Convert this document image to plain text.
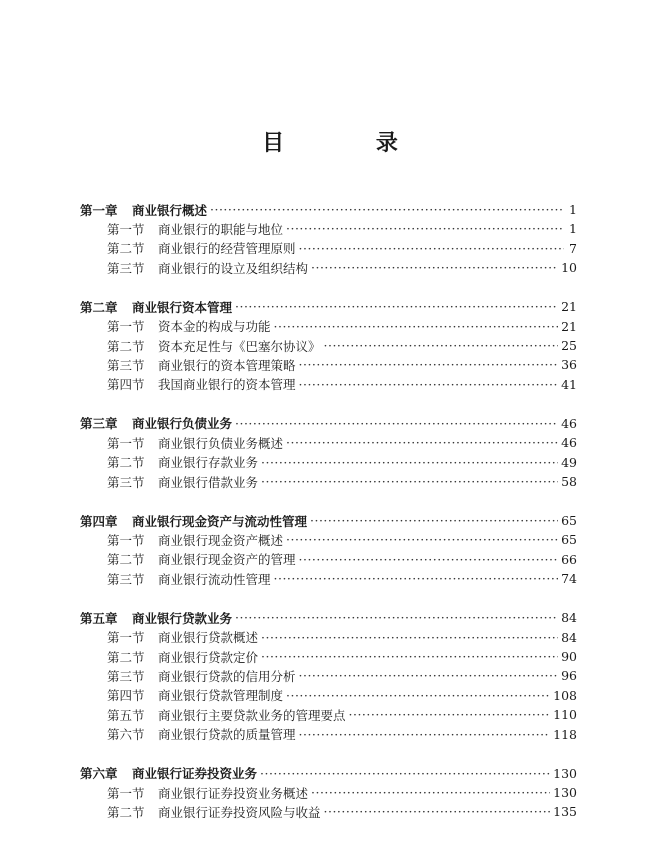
目 录
第一章	商业银行概述 ·····	1
第一节	商业银行的职能与地位 ·····	1
第二节	商业银行的经营管理原则 ·····	7
第三节	商业银行的设立及组织结构 ·····	10
第二章	商业银行资本管理 ·····	21
第一节	资本金的构成与功能 ·····	21
第二节	资本充足性与《巴塞尔协议》 ·····	25
第三节	商业银行的资本管理策略 ·····	36
第四节	我国商业银行的资本管理 ·····	41
第三章	商业银行负债业务 ·····	46
第一节	商业银行负债业务概述 ·····	46
第二节	商业银行存款业务 ·····	49
第三节	商业银行借款业务 ·····	58
第四章	商业银行现金资产与流动性管理 ·····	65
第一节	商业银行现金资产概述 ·····	65
第二节	商业银行现金资产的管理 ·····	66
第三节	商业银行流动性管理 ·····	74
第五章	商业银行贷款业务 ·····	84
第一节	商业银行贷款概述 ·····	84
第二节	商业银行贷款定价 ·····	90
第三节	商业银行贷款的信用分析 ·····	96
第四节	商业银行贷款管理制度 ·····	108
第五节	商业银行主要贷款业务的管理要点 ·····	110
第六节	商业银行贷款的质量管理 ·····	118
第六章	商业银行证券投资业务 ·····	130
第一节	商业银行证券投资业务概述 ·····	130
第二节	商业银行证券投资风险与收益 ·····	135
